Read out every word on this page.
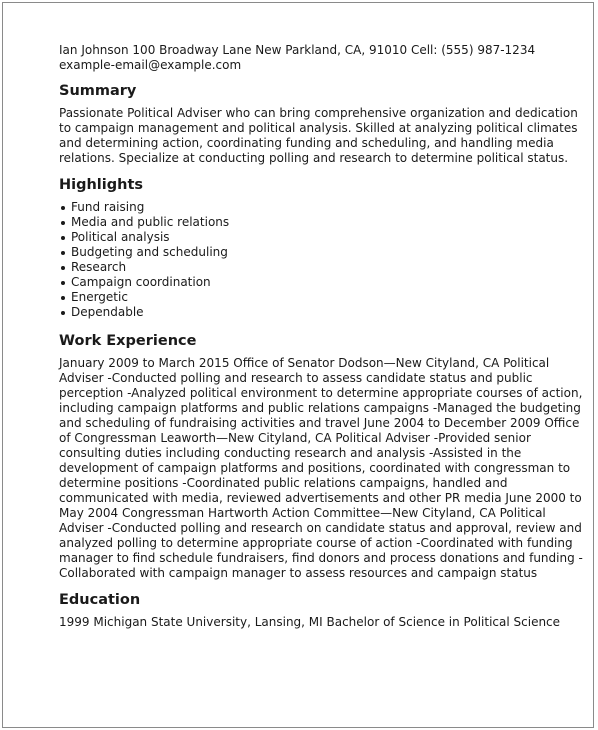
Ian Johnson 100 Broadway Lane New Parkland, CA, 91010 Cell: (555) 987-1234 example-email@example.com
Summary
Passionate Political Adviser who can bring comprehensive organization and dedication to campaign management and political analysis. Skilled at analyzing political climates and determining action, coordinating funding and scheduling, and handling media relations. Specialize at conducting polling and research to determine political status.
Highlights
Fund raising
Media and public relations
Political analysis
Budgeting and scheduling
Research
Campaign coordination
Energetic
Dependable
Work Experience
January 2009 to March 2015 Office of Senator Dodson—New Cityland, CA Political Adviser -Conducted polling and research to assess candidate status and public perception -Analyzed political environment to determine appropriate courses of action, including campaign platforms and public relations campaigns -Managed the budgeting and scheduling of fundraising activities and travel June 2004 to December 2009 Office of Congressman Leaworth—New Cityland, CA Political Adviser -Provided senior consulting duties including conducting research and analysis -Assisted in the development of campaign platforms and positions, coordinated with congressman to determine positions -Coordinated public relations campaigns, handled and communicated with media, reviewed advertisements and other PR media June 2000 to May 2004 Congressman Hartworth Action Committee—New Cityland, CA Political Adviser -Conducted polling and research on candidate status and approval, review and analyzed polling to determine appropriate course of action -Coordinated with funding manager to find schedule fundraisers, find donors and process donations and funding -Collaborated with campaign manager to assess resources and campaign status
Education
1999 Michigan State University, Lansing, MI Bachelor of Science in Political Science
